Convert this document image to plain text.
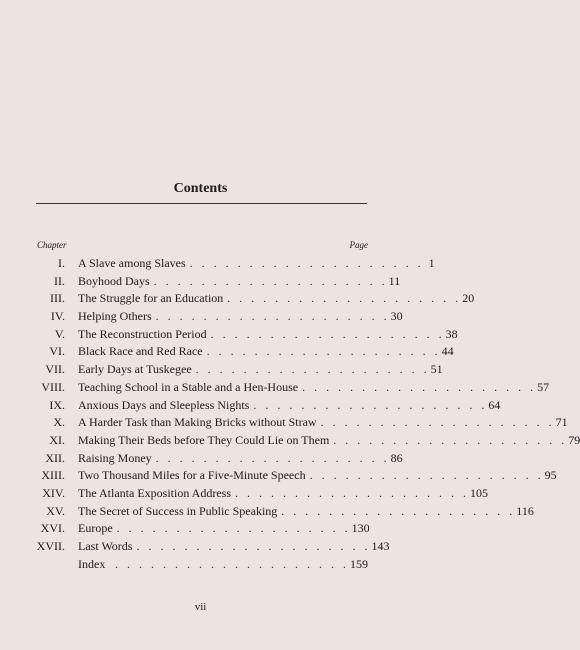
Contents
Chapter	Page
I. A Slave among Slaves .   .   .   .   .   .   .   .   .   .   .   .   .   .   .   .   .   .   .   . 1
II. Boyhood Days .   .   .   .   .   .   .   .   .   .   .   .   .   .   .   .   .   .   .   . 11
III. The Struggle for an Education .   .   .   .   .   .   .   .   .   .   .   .   .   .   .   .   .   .   .   . 20
IV. Helping Others .   .   .   .   .   .   .   .   .   .   .   .   .   .   .   .   .   .   .   . 30
V. The Reconstruction Period .   .   .   .   .   .   .   .   .   .   .   .   .   .   .   .   .   .   .   . 38
VI. Black Race and Red Race .   .   .   .   .   .   .   .   .   .   .   .   .   .   .   .   .   .   .   . 44
VII. Early Days at Tuskegee .   .   .   .   .   .   .   .   .   .   .   .   .   .   .   .   .   .   .   . 51
VIII. Teaching School in a Stable and a Hen-House .   .   .   .   .   .   .   .   .   .   .   .   .   .   .   .   .   .   .   . 57
IX. Anxious Days and Sleepless Nights .   .   .   .   .   .   .   .   .   .   .   .   .   .   .   .   .   .   .   . 64
X. A Harder Task than Making Bricks without Straw .   .   .   .   .   .   .   .   .   .   .   .   .   .   .   .   .   .   .   . 71
XI. Making Their Beds before They Could Lie on Them .   .   .   .   .   .   .   .   .   .   .   .   .   .   .   .   .   .   .   . 79
XII. Raising Money .   .   .   .   .   .   .   .   .   .   .   .   .   .   .   .   .   .   .   . 86
XIII. Two Thousand Miles for a Five-Minute Speech .   .   .   .   .   .   .   .   .   .   .   .   .   .   .   .   .   .   .   . 95
XIV. The Atlanta Exposition Address .   .   .   .   .   .   .   .   .   .   .   .   .   .   .   .   .   .   .   . 105
XV. The Secret of Success in Public Speaking .   .   .   .   .   .   .   .   .   .   .   .   .   .   .   .   .   .   .   . 116
XVI. Europe .   .   .   .   .   .   .   .   .   .   .   .   .   .   .   .   .   .   .   . 130
XVII. Last Words .   .   .   .   .   .   .   .   .   .   .   .   .   .   .   .   .   .   .   . 143
Index .   .   .   .   .   .   .   .   .   .   .   .   .   .   .   .   .   .   .   . 159
vii
